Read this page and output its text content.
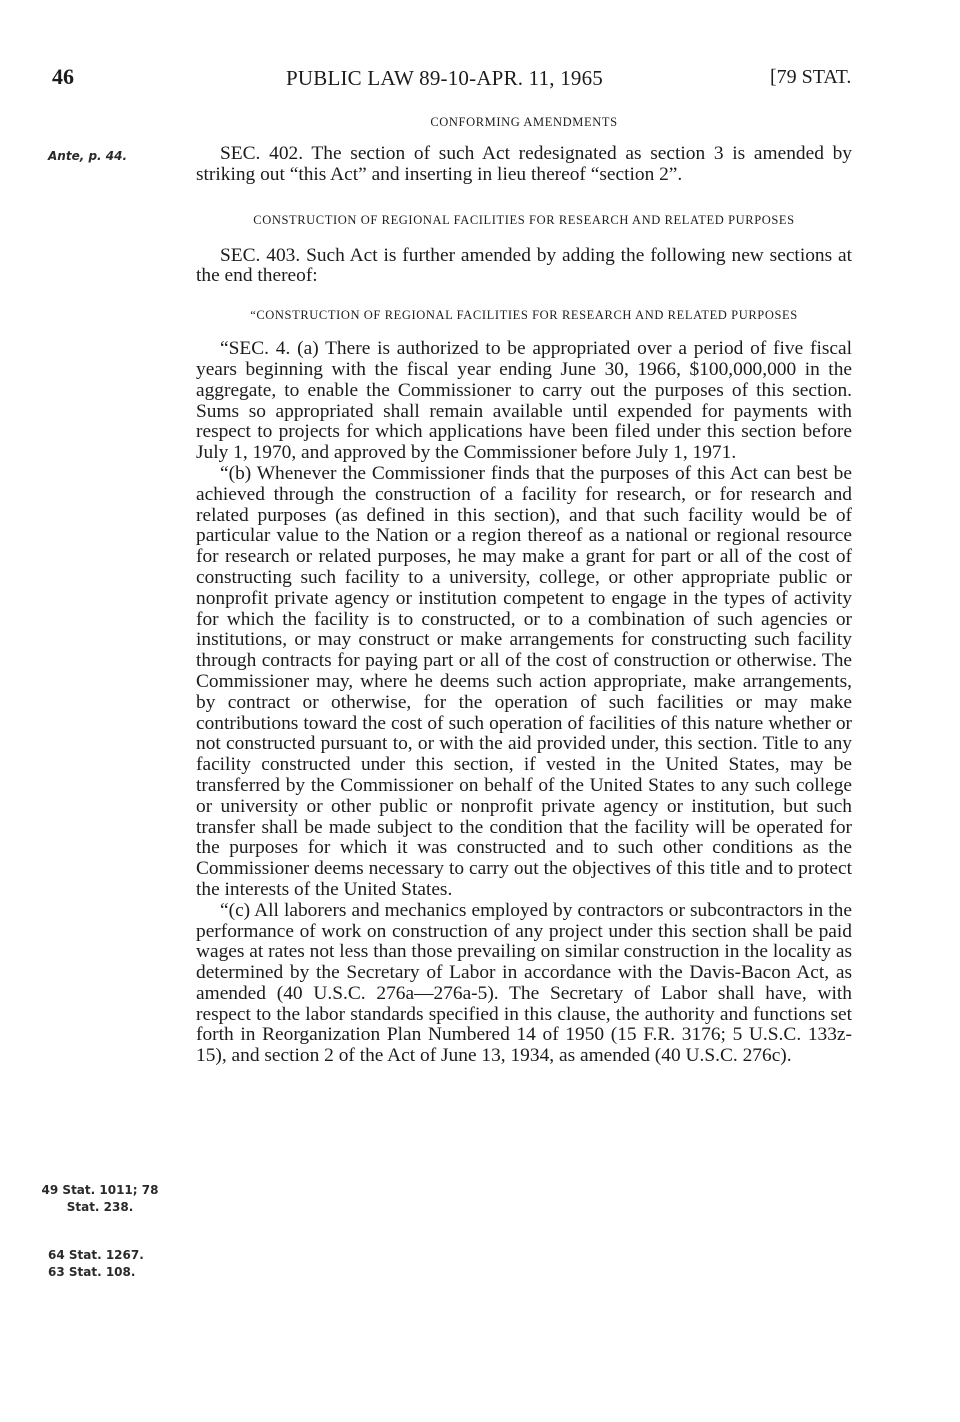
46	PUBLIC LAW 89-10-APR. 11, 1965	[79 STAT.
Ante, p. 44.
49 Stat. 1011; 78 Stat. 238.
64 Stat. 1267. 63 Stat. 108.
CONFORMING AMENDMENTS

SEC. 402. The section of such Act redesignated as section 3 is amended by striking out “this Act” and inserting in lieu thereof “section 2”.

CONSTRUCTION OF REGIONAL FACILITIES FOR RESEARCH AND RELATED PURPOSES

SEC. 403. Such Act is further amended by adding the following new sections at the end thereof:

“CONSTRUCTION OF REGIONAL FACILITIES FOR RESEARCH AND RELATED PURPOSES

“SEC. 4. (a) There is authorized to be appropriated over a period of five fiscal years beginning with the fiscal year ending June 30, 1966, $100,000,000 in the aggregate, to enable the Commissioner to carry out the purposes of this section. Sums so appropriated shall remain available until expended for payments with respect to projects for which applications have been filed under this section before July 1, 1970, and approved by the Commissioner before July 1, 1971.

“(b) Whenever the Commissioner finds that the purposes of this Act can best be achieved through the construction of a facility for research, or for research and related purposes (as defined in this section), and that such facility would be of particular value to the Nation or a region thereof as a national or regional resource for research or related purposes, he may make a grant for part or all of the cost of constructing such facility to a university, college, or other appropriate public or nonprofit private agency or institution competent to engage in the types of activity for which the facility is to constructed, or to a combination of such agencies or institutions, or may construct or make arrangements for constructing such facility through contracts for paying part or all of the cost of construction or otherwise. The Commissioner may, where he deems such action appropriate, make arrangements, by contract or otherwise, for the operation of such facilities or may make contributions toward the cost of such operation of facilities of this nature whether or not constructed pursuant to, or with the aid provided under, this section. Title to any facility constructed under this section, if vested in the United States, may be transferred by the Commissioner on behalf of the United States to any such college or university or other public or nonprofit private agency or institution, but such transfer shall be made subject to the condition that the facility will be operated for the purposes for which it was constructed and to such other conditions as the Commissioner deems necessary to carry out the objectives of this title and to protect the interests of the United States.

“(c) All laborers and mechanics employed by contractors or subcontractors in the performance of work on construction of any project under this section shall be paid wages at rates not less than those prevailing on similar construction in the locality as determined by the Secretary of Labor in accordance with the Davis-Bacon Act, as amended (40 U.S.C. 276a—276a-5). The Secretary of Labor shall have, with respect to the labor standards specified in this clause, the authority and functions set forth in Reorganization Plan Numbered 14 of 1950 (15 F.R. 3176; 5 U.S.C. 133z-15), and section 2 of the Act of June 13, 1934, as amended (40 U.S.C. 276c).
